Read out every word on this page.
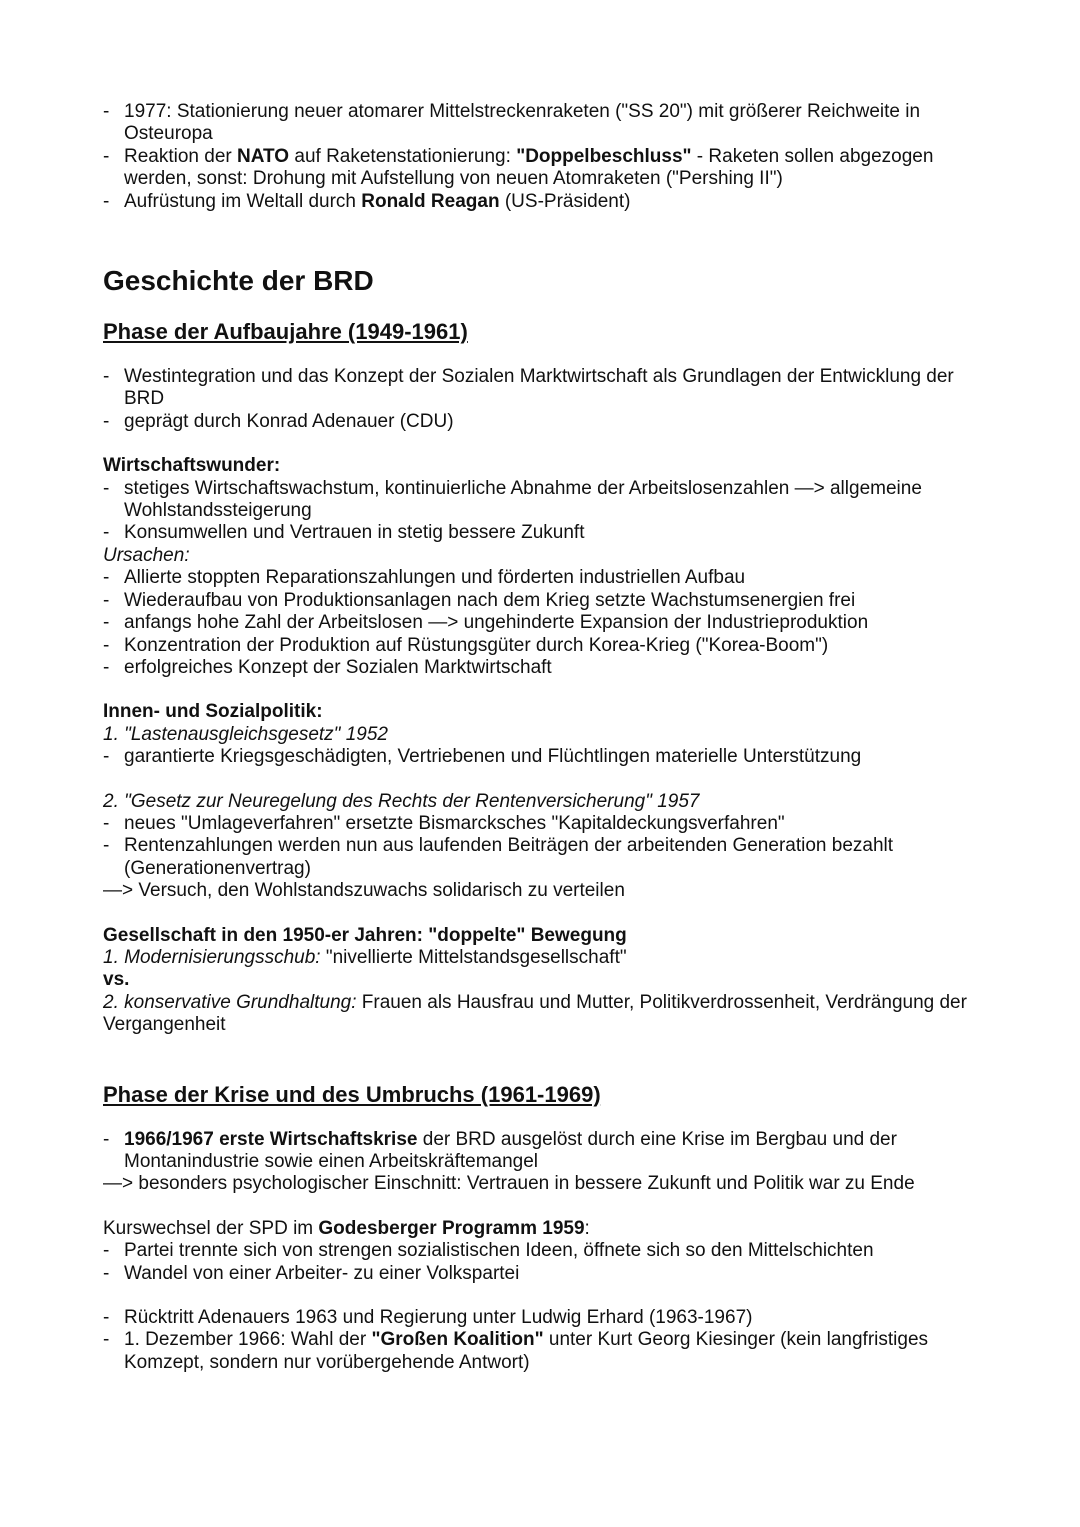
- 1977: Stationierung neuer atomarer Mittelstreckenraketen ("SS 20") mit größerer Reichweite in Osteuropa
- Reaktion der NATO auf Raketenstationierung: "Doppelbeschluss" - Raketen sollen abgezogen werden, sonst: Drohung mit Aufstellung von neuen Atomraketen ("Pershing II")
- Aufrüstung im Weltall durch Ronald Reagan (US-Präsident)
Geschichte der BRD
Phase der Aufbaujahre (1949-1961)
- Westintegration und das Konzept der Sozialen Marktwirtschaft als Grundlagen der Entwicklung der BRD
- geprägt durch Konrad Adenauer (CDU)

Wirtschaftswunder:

- stetiges Wirtschaftswachstum, kontinuierliche Abnahme der Arbeitslosenzahlen —> allgemeine Wohlstandssteigerung
- Konsumwellen und Vertrauen in stetig bessere Zukunft

Ursachen:

- Allierte stoppten Reparationszahlungen und förderten industriellen Aufbau
- Wiederaufbau von Produktionsanlagen nach dem Krieg setzte Wachstumsenergien frei
- anfangs hohe Zahl der Arbeitslosen —> ungehinderte Expansion der Industrieproduktion
- Konzentration der Produktion auf Rüstungsgüter durch Korea-Krieg ("Korea-Boom")
- erfolgreiches Konzept der Sozialen Marktwirtschaft

Innen- und Sozialpolitik:

1. "Lastenausgleichsgesetz" 1952

- garantierte Kriegsgeschädigten, Vertriebenen und Flüchtlingen materielle Unterstützung

2. "Gesetz zur Neuregelung des Rechts der Rentenversicherung" 1957

- neues "Umlageverfahren" ersetzte Bismarcksches "Kapitaldeckungsverfahren"
- Rentenzahlungen werden nun aus laufenden Beiträgen der arbeitenden Generation bezahlt (Generationenvertrag)

—> Versuch, den Wohlstandszuwachs solidarisch zu verteilen

Gesellschaft in den 1950-er Jahren: "doppelte" Bewegung

1. Modernisierungsschub: "nivellierte Mittelstandsgesellschaft"

vs.

2. konservative Grundhaltung: Frauen als Hausfrau und Mutter, Politikverdrossenheit, Verdrängung der Vergangenheit

Phase der Krise und des Umbruchs (1961-1969)
- 1966/1967 erste Wirtschaftskrise der BRD ausgelöst durch eine Krise im Bergbau und der Montanindustrie sowie einen Arbeitskräftemangel

—> besonders psychologischer Einschnitt: Vertrauen in bessere Zukunft und Politik war zu Ende

Kurswechsel der SPD im Godesberger Programm 1959:

- Partei trennte sich von strengen sozialistischen Ideen, öffnete sich so den Mittelschichten
- Wandel von einer Arbeiter- zu einer Volkspartei
- Rücktritt Adenauers 1963 und Regierung unter Ludwig Erhard (1963-1967)
- 1. Dezember 1966: Wahl der "Großen Koalition" unter Kurt Georg Kiesinger (kein langfristiges Komzept, sondern nur vorübergehende Antwort)
